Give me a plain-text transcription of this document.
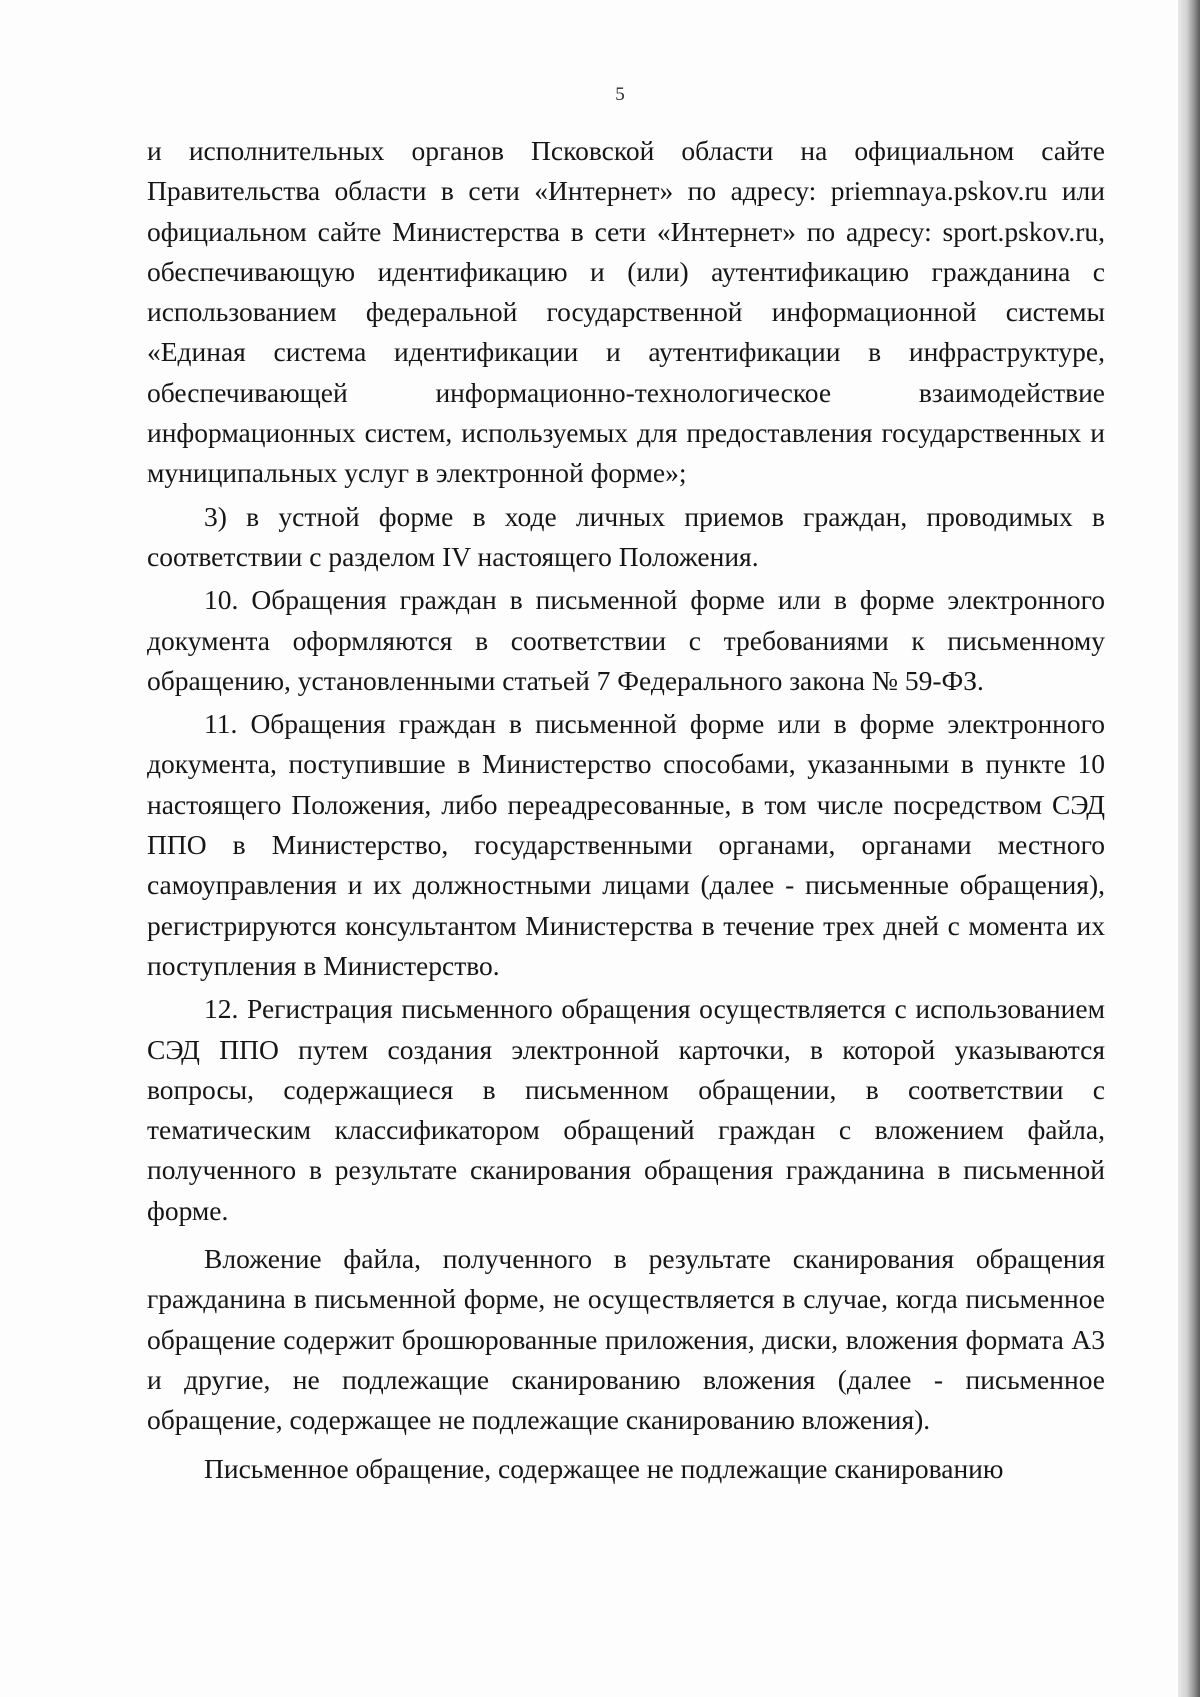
5

и исполнительных органов Псковской области на официальном сайте Правительства области в сети «Интернет» по адресу: priemnaya.pskov.ru или официальном сайте Министерства в сети «Интернет» по адресу: sport.pskov.ru, обеспечивающую идентификацию и (или) аутентификацию гражданина с использованием федеральной государственной информационной системы «Единая система идентификации и аутентификации в инфраструктуре, обеспечивающей информационно-технологическое взаимодействие информационных систем, используемых для предоставления государственных и муниципальных услуг в электронной форме»;

3) в устной форме в ходе личных приемов граждан, проводимых в соответствии с разделом IV настоящего Положения.

10. Обращения граждан в письменной форме или в форме электронного документа оформляются в соответствии с требованиями к письменному обращению, установленными статьей 7 Федерального закона № 59-ФЗ.

11. Обращения граждан в письменной форме или в форме электронного документа, поступившие в Министерство способами, указанными в пункте 10 настоящего Положения, либо переадресованные, в том числе посредством СЭД ППО в Министерство, государственными органами, органами местного самоуправления и их должностными лицами (далее - письменные обращения), регистрируются консультантом Министерства в течение трех дней с момента их поступления в Министерство.

12. Регистрация письменного обращения осуществляется с использованием СЭД ППО путем создания электронной карточки, в которой указываются вопросы, содержащиеся в письменном обращении, в соответствии с тематическим классификатором обращений граждан с вложением файла, полученного в результате сканирования обращения гражданина в письменной форме.

Вложение файла, полученного в результате сканирования обращения гражданина в письменной форме, не осуществляется в случае, когда письменное обращение содержит брошюрованные приложения, диски, вложения формата А3 и другие, не подлежащие сканированию вложения (далее - письменное обращение, содержащее не подлежащие сканированию вложения).

Письменное обращение, содержащее не подлежащие сканированию
